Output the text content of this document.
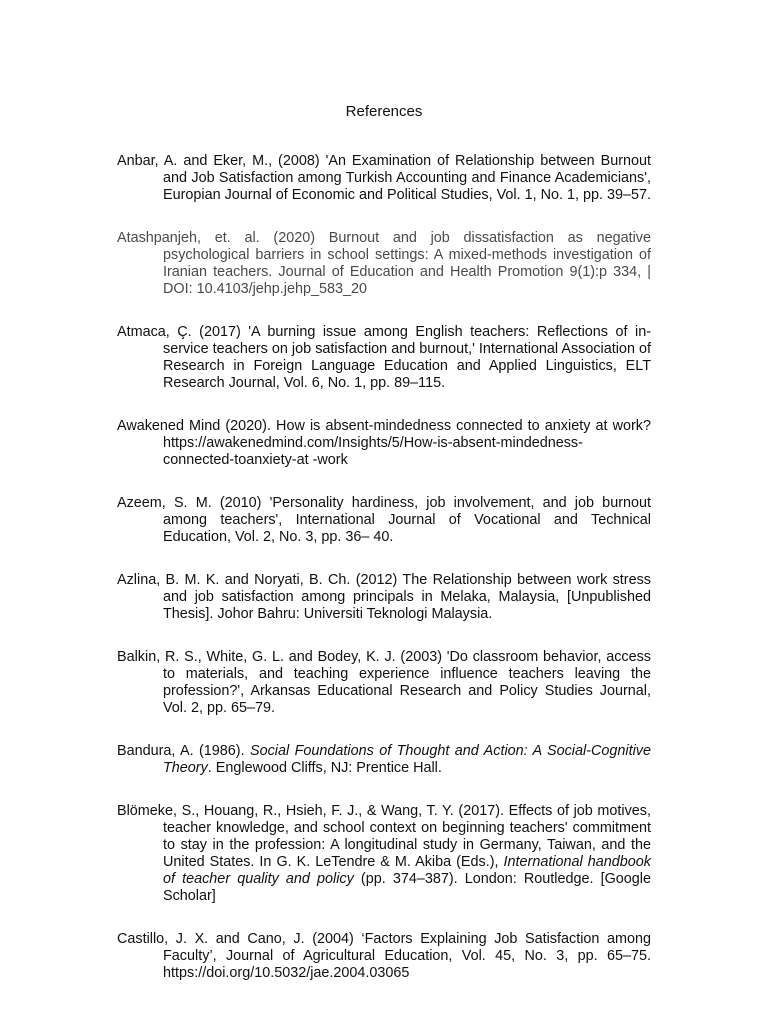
References
Anbar, A. and Eker, M., (2008) 'An Examination of Relationship between Burnout and Job Satisfaction among Turkish Accounting and Finance Academicians', Europian Journal of Economic and Political Studies, Vol. 1, No. 1, pp. 39–57.
Atashpanjeh, et. al. (2020) Burnout and job dissatisfaction as negative psychological barriers in school settings: A mixed-methods investigation of Iranian teachers. Journal of Education and Health Promotion 9(1):p 334, | DOI: 10.4103/jehp.jehp_583_20
Atmaca, Ç. (2017) 'A burning issue among English teachers: Reflections of in-service teachers on job satisfaction and burnout,' International Association of Research in Foreign Language Education and Applied Linguistics, ELT Research Journal, Vol. 6, No. 1, pp. 89–115.
Awakened Mind (2020). How is absent-mindedness connected to anxiety at work? https://awakenedmind.com/Insights/5/How-is-absent-mindedness-connected-toanxiety-at -work
Azeem, S. M. (2010) 'Personality hardiness, job involvement, and job burnout among teachers', International Journal of Vocational and Technical Education, Vol. 2, No. 3, pp. 36– 40.
Azlina, B. M. K. and Noryati, B. Ch. (2012) The Relationship between work stress and job satisfaction among principals in Melaka, Malaysia, [Unpublished Thesis]. Johor Bahru: Universiti Teknologi Malaysia.
Balkin, R. S., White, G. L. and Bodey, K. J. (2003) 'Do classroom behavior, access to materials, and teaching experience influence teachers leaving the profession?', Arkansas Educational Research and Policy Studies Journal, Vol. 2, pp. 65–79.
Bandura, A. (1986). Social Foundations of Thought and Action: A Social-Cognitive Theory. Englewood Cliffs, NJ: Prentice Hall.
Blömeke, S., Houang, R., Hsieh, F. J., & Wang, T. Y. (2017). Effects of job motives, teacher knowledge, and school context on beginning teachers' commitment to stay in the profession: A longitudinal study in Germany, Taiwan, and the United States. In G. K. LeTendre & M. Akiba (Eds.), International handbook of teacher quality and policy (pp. 374–387). London: Routledge. [Google Scholar]
Castillo, J. X. and Cano, J. (2004) ‘Factors Explaining Job Satisfaction among Faculty’, Journal of Agricultural Education, Vol. 45, No. 3, pp. 65–75. https://doi.org/10.5032/jae.2004.03065
